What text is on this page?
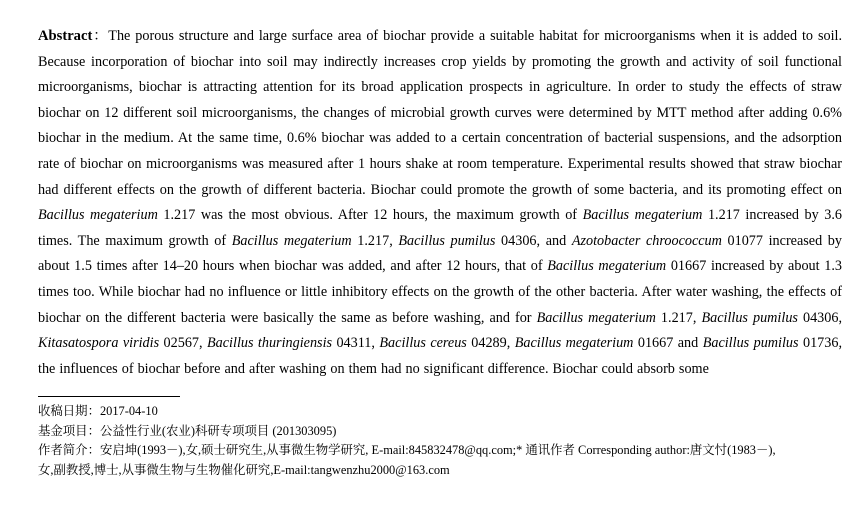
Abstract：The porous structure and large surface area of biochar provide a suitable habitat for microorganisms when it is added to soil. Because incorporation of biochar into soil may indirectly increases crop yields by promoting the growth and activity of soil functional microorganisms, biochar is attracting attention for its broad application prospects in agriculture. In order to study the effects of straw biochar on 12 different soil microorganisms, the changes of microbial growth curves were determined by MTT method after adding 0.6% biochar in the medium. At the same time, 0.6% biochar was added to a certain concentration of bacterial suspensions, and the adsorption rate of biochar on microorganisms was measured after 1 hours shake at room temperature. Experimental results showed that straw biochar had different effects on the growth of different bacteria. Biochar could promote the growth of some bacteria, and its promoting effect on Bacillus megaterium 1.217 was the most obvious. After 12 hours, the maximum growth of Bacillus megaterium 1.217 increased by 3.6 times. The maximum growth of Bacillus megaterium 1.217, Bacillus pumilus 04306, and Azotobacter chroococcum 01077 increased by about 1.5 times after 14–20 hours when biochar was added, and after 12 hours, that of Bacillus megaterium 01667 increased by about 1.3 times too. While biochar had no influence or little inhibitory effects on the growth of the other bacteria. After water washing, the effects of biochar on the different bacteria were basically the same as before washing, and for Bacillus megaterium 1.217, Bacillus pumilus 04306, Kitasatospora viridis 02567, Bacillus thuringiensis 04311, Bacillus cereus 04289, Bacillus megaterium 01667 and Bacillus pumilus 01736, the influences of biochar before and after washing on them had no significant difference. Biochar could absorb some
收稿日期：2017-04-10
基金项目：公益性行业(农业)科研专项项目 (201303095)
作者简介：安启坤(1993－),女,硕士研究生,从事微生物学研究, E-mail:845832478@qq.com;* 通讯作者 Corresponding author:唐文忖(1983－),
女,副教授,博士,从事微生物与生物催化研究,E-mail:tangwenzhu2000@163.com
